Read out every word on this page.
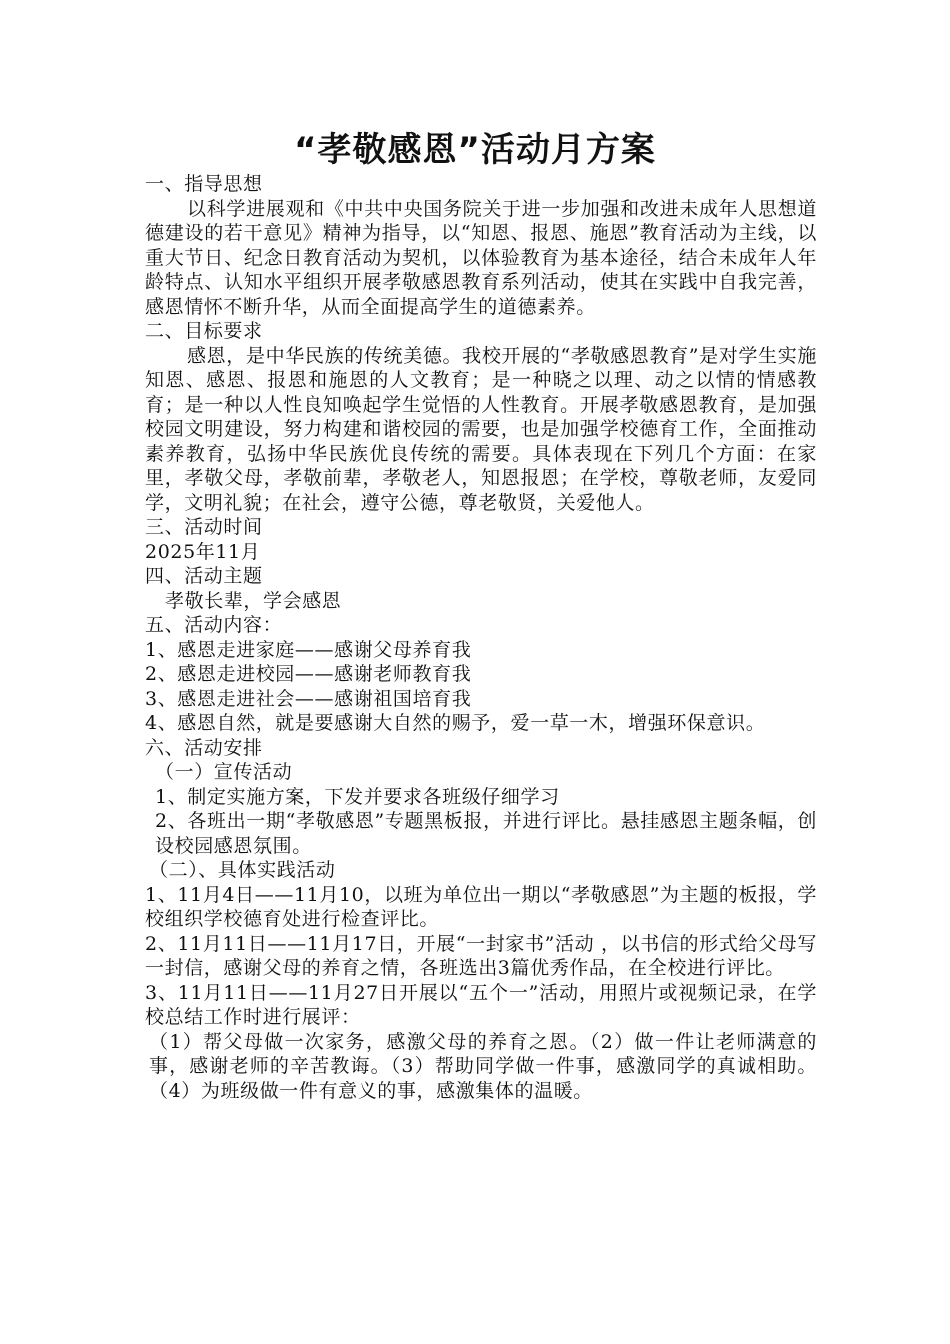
“孝敬感恩”活动月方案

一、指导思想

以科学进展观和《中共中央国务院关于进一步加强和改进未成年人思想道德建设的若干意见》精神为指导，以“知恩、报恩、施恩”教育活动为主线，以重大节日、纪念日教育活动为契机，以体验教育为基本途径，结合未成年人年龄特点、认知水平组织开展孝敬感恩教育系列活动，使其在实践中自我完善，感恩情怀不断升华，从而全面提高学生的道德素养。

二、目标要求

感恩，是中华民族的传统美德。我校开展的“孝敬感恩教育”是对学生实施知恩、感恩、报恩和施恩的人文教育；是一种晓之以理、动之以情的情感教育；是一种以人性良知唤起学生觉悟的人性教育。开展孝敬感恩教育，是加强校园文明建设，努力构建和谐校园的需要，也是加强学校德育工作，全面推动素养教育，弘扬中华民族优良传统的需要。具体表现在下列几个方面：在家里，孝敬父母，孝敬前辈，孝敬老人，知恩报恩；在学校，尊敬老师，友爱同学，文明礼貌；在社会，遵守公德，尊老敬贤，关爱他人。

三、活动时间

2025年11月

四、活动主题

孝敬长辈，学会感恩

五、活动内容：

1、感恩走进家庭——感谢父母养育我

2、感恩走进校园——感谢老师教育我

3、感恩走进社会——感谢祖国培育我

4、感恩自然，就是要感谢大自然的赐予，爱一草一木，增强环保意识。

六、活动安排

（一）宣传活动

1、制定实施方案，下发并要求各班级仔细学习

2、各班出一期“孝敬感恩”专题黑板报，并进行评比。悬挂感恩主题条幅，创设校园感恩氛围。

（二）、具体实践活动

1、11月4日——11月10，以班为单位出一期以“孝敬感恩”为主题的板报，学校组织学校德育处进行检查评比。

2、11月11日——11月17日，开展“一封家书”活动 ，以书信的形式给父母写一封信，感谢父母的养育之情，各班选出3篇优秀作品，在全校进行评比。

3、11月11日——11月27日开展以“五个一”活动，用照片或视频记录，在学校总结工作时进行展评：

（1）帮父母做一次家务，感激父母的养育之恩。（2）做一件让老师满意的事，感谢老师的辛苦教诲。（3）帮助同学做一件事，感激同学的真诚相助。（4）为班级做一件有意义的事，感激集体的温暖。
